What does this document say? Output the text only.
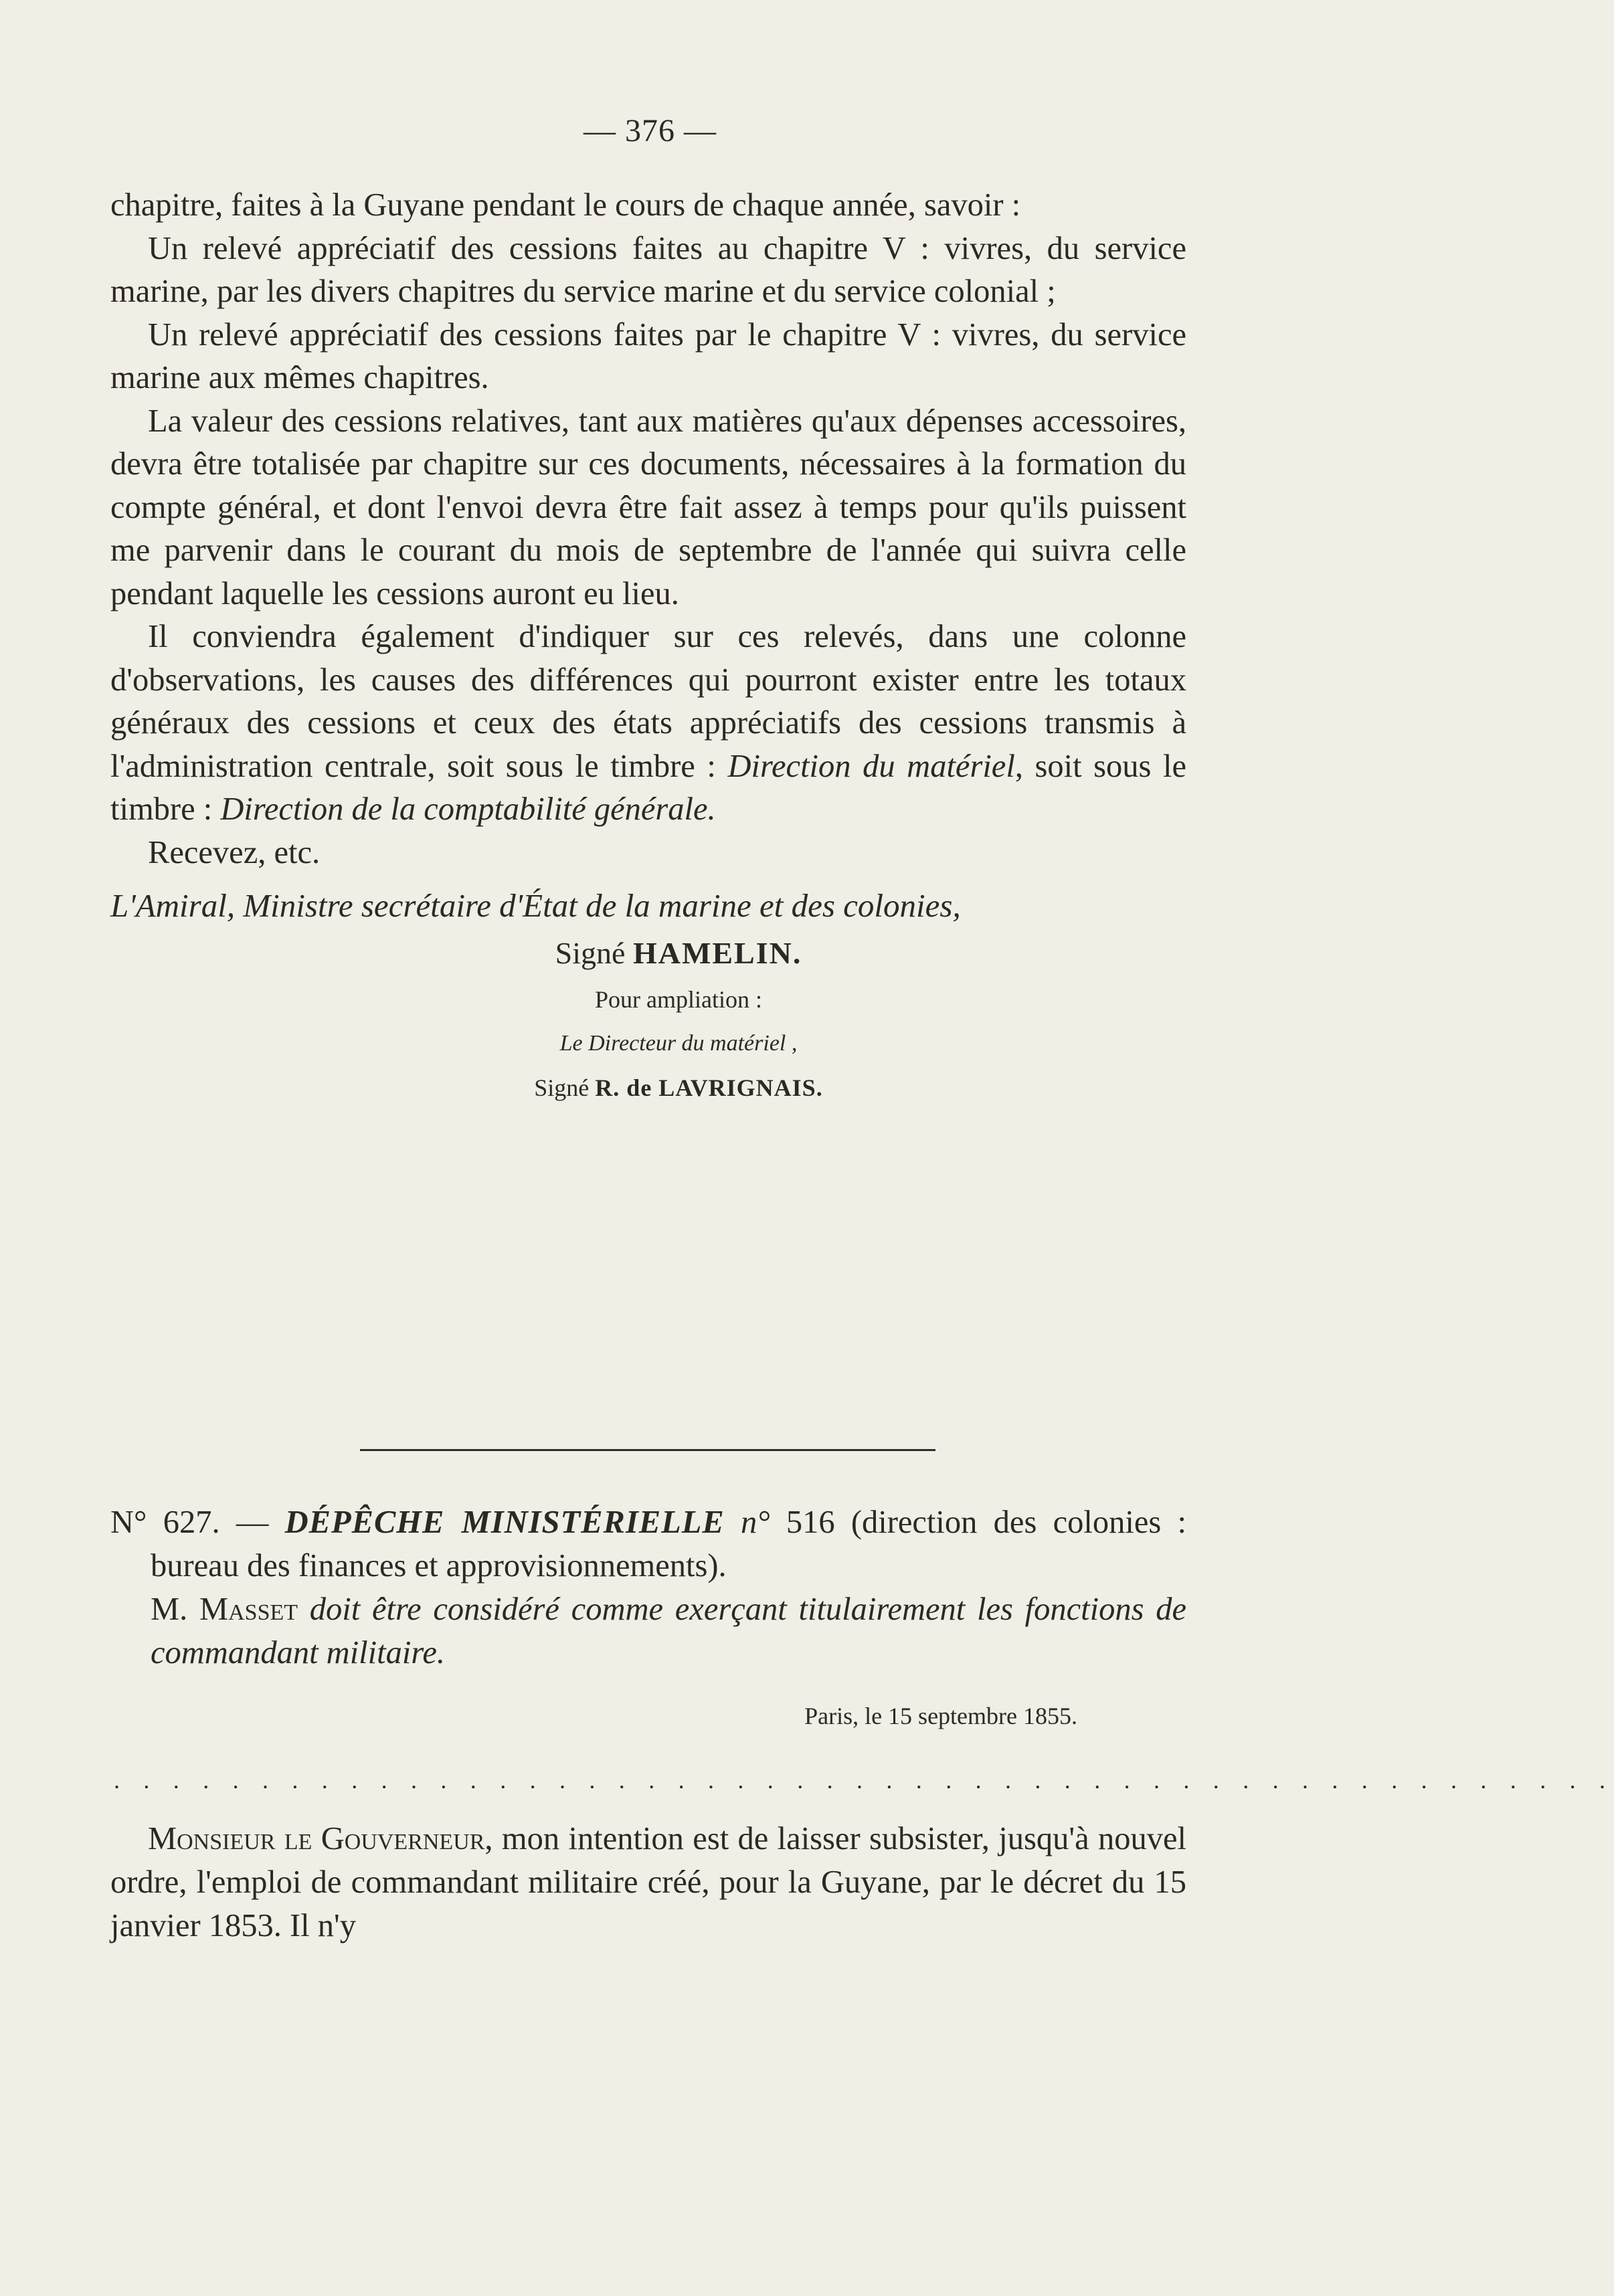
— 376 —

chapitre, faites à la Guyane pendant le cours de chaque année, savoir :

Un relevé appréciatif des cessions faites au chapitre V : vivres, du service marine, par les divers chapitres du service marine et du service colonial ;

Un relevé appréciatif des cessions faites par le chapitre V : vivres, du service marine aux mêmes chapitres.

La valeur des cessions relatives, tant aux matières qu'aux dépenses accessoires, devra être totalisée par chapitre sur ces documents, nécessaires à la formation du compte général, et dont l'envoi devra être fait assez à temps pour qu'ils puissent me parvenir dans le courant du mois de septembre de l'année qui suivra celle pendant laquelle les cessions auront eu lieu.

Il conviendra également d'indiquer sur ces relevés, dans une colonne d'observations, les causes des différences qui pourront exister entre les totaux généraux des cessions et ceux des états appréciatifs des cessions transmis à l'administration centrale, soit sous le timbre : Direction du matériel, soit sous le timbre : Direction de la comptabilité générale.

Recevez, etc.

L'Amiral, Ministre secrétaire d'État de la marine et des colonies,

Signé HAMELIN.

Pour ampliation :

Le Directeur du matériel ,

Signé R. de LAVRIGNAIS.

N° 627. — DÉPÊCHE MINISTÉRIELLE n° 516 (direction des colonies : bureau des finances et approvisionnements).

M. Masset doit être considéré comme exerçant titulairement les fonctions de commandant militaire.

Paris, le 15 septembre 1855.
. . . . . . . . . . . . . . . . . . . . . . . . . . . . . . . . . . . . . . . . . . . . . . . . . . .

Monsieur le Gouverneur, mon intention est de laisser subsister, jusqu'à nouvel ordre, l'emploi de commandant militaire créé, pour la Guyane, par le décret du 15 janvier 1853. Il n'y
